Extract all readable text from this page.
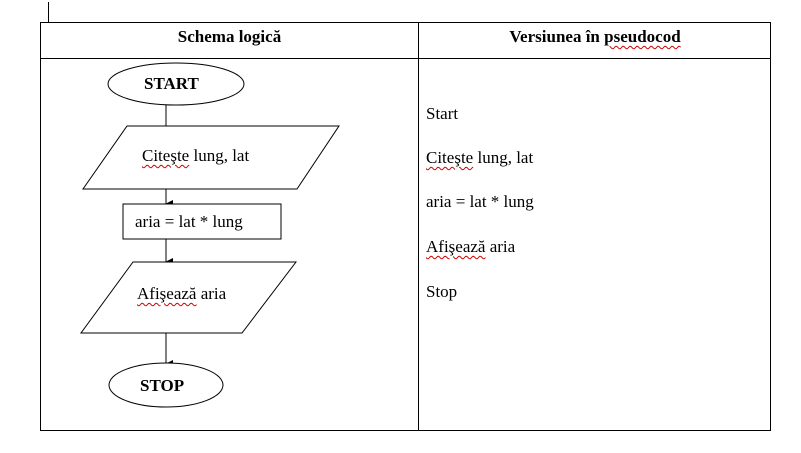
Schema logică	Versiunea în pseudocod
START
Citeşte lung, lat
aria = lat * lung
Afişează aria
STOP
Start
Citeşte lung, lat
aria = lat * lung
Afişează aria
Stop
